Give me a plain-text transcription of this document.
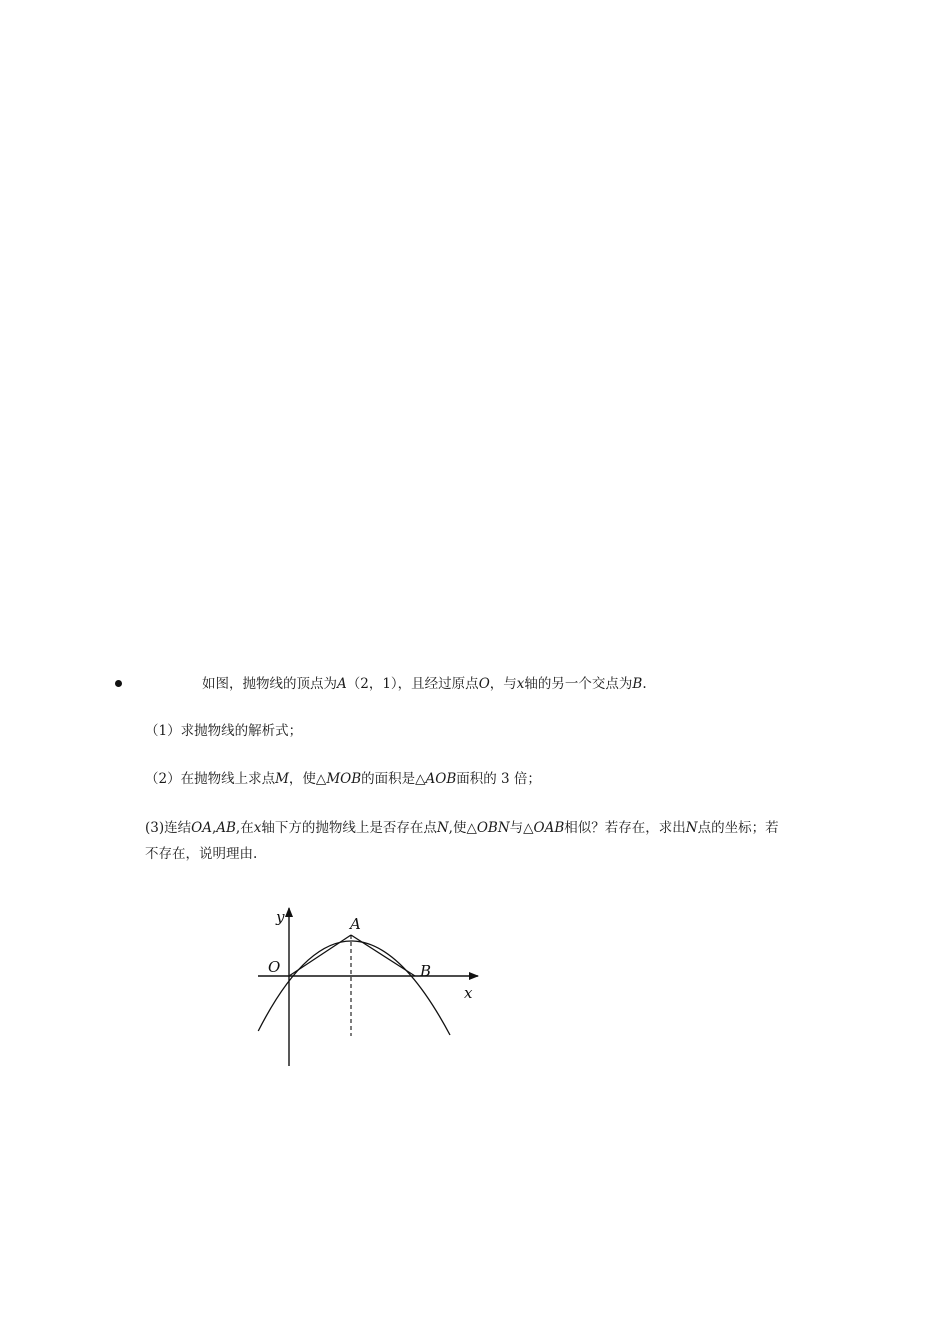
如图，抛物线的顶点为A（2，1），且经过原点O，与x轴的另一个交点为B.
（1）求抛物线的解析式；
（2）在抛物线上求点M，使△MOB的面积是△AOB面积的 3 倍；
(3)连结OA,AB,在x轴下方的抛物线上是否存在点N,使△OBN与△OAB相似？若存在，求出N点的坐标；若
不存在，说明理由.
y
x
O
A
B
